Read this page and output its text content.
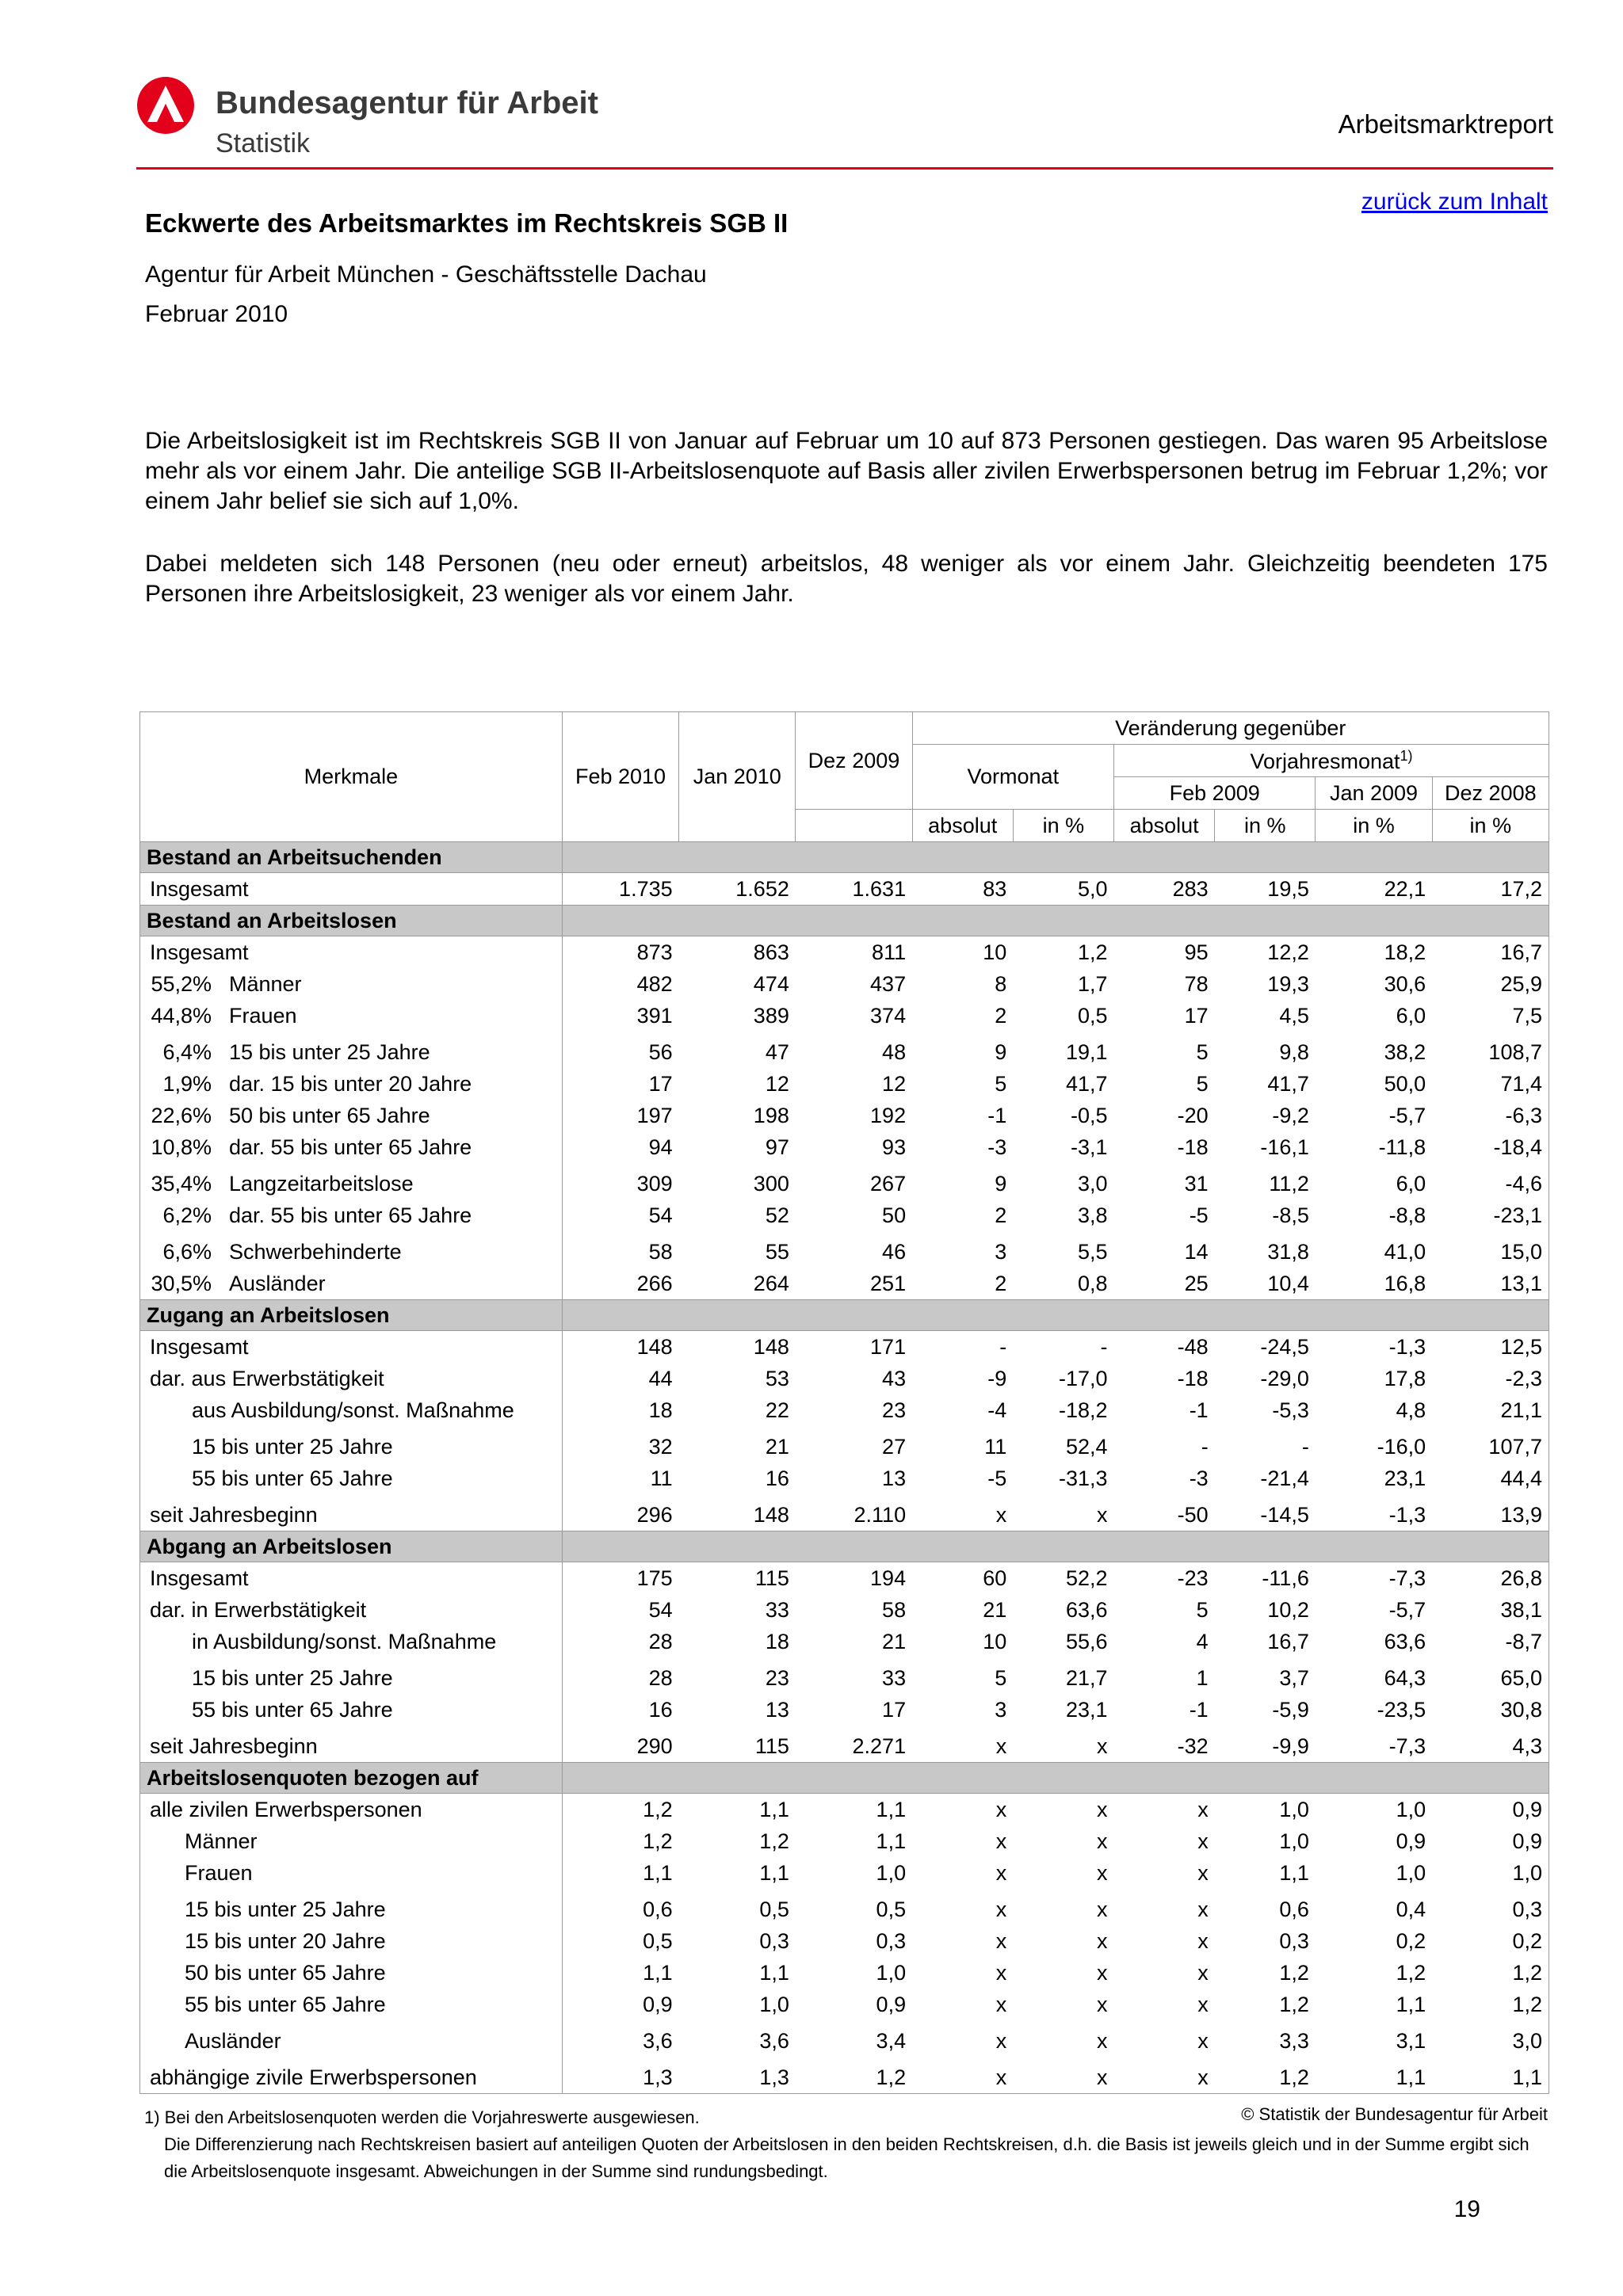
Bundesagentur für Arbeit
Statistik
Arbeitsmarktreport
zurück zum Inhalt
Eckwerte des Arbeitsmarktes im Rechtskreis SGB II
Agentur für Arbeit München - Geschäftsstelle Dachau
Februar 2010
Die Arbeitslosigkeit ist im Rechtskreis SGB II von Januar auf Februar um 10 auf 873 Personen gestiegen. Das waren 95 Arbeitslose mehr als vor einem Jahr. Die anteilige SGB II-Arbeitslosenquote auf Basis aller zivilen Erwerbspersonen betrug im Februar 1,2%; vor einem Jahr belief sie sich auf 1,0%.
Dabei meldeten sich 148 Personen (neu oder erneut) arbeitslos, 48 weniger als vor einem Jahr. Gleichzeitig beendeten 175 Personen ihre Arbeitslosigkeit, 23 weniger als vor einem Jahr.
Merkmale	Feb 2010	Jan 2010	Dez 2009	Veränderung gegenüber					
				Vormonat		Vorjahresmonat$^{1)}$
						Feb 2009		Jan 2009	Dez 2008
				absolut	in %	absolut	in %	in %	in %
Bestand an Arbeitsuchenden									
Insgesamt	1.735	1.652	1.631	83	5,0	283	19,5	22,1	17,2
Bestand an Arbeitslosen									
Insgesamt	873	863	811	10	1,2	95	12,2	18,2	16,7
55,2% Männer	482	474	437	8	1,7	78	19,3	30,6	25,9
44,8% Frauen	391	389	374	2	0,5	17	4,5	6,0	7,5
6,4% 15 bis unter 25 Jahre	56	47	48	9	19,1	5	9,8	38,2	108,7
1,9% dar. 15 bis unter 20 Jahre	17	12	12	5	41,7	5	41,7	50,0	71,4
22,6% 50 bis unter 65 Jahre	197	198	192	-1	-0,5	-20	-9,2	-5,7	-6,3
10,8% dar. 55 bis unter 65 Jahre	94	97	93	-3	-3,1	-18	-16,1	-11,8	-18,4
35,4% Langzeitarbeitslose	309	300	267	9	3,0	31	11,2	6,0	-4,6
6,2% dar. 55 bis unter 65 Jahre	54	52	50	2	3,8	-5	-8,5	-8,8	-23,1
6,6% Schwerbehinderte	58	55	46	3	5,5	14	31,8	41,0	15,0
30,5% Ausländer	266	264	251	2	0,8	25	10,4	16,8	13,1
Zugang an Arbeitslosen									
Insgesamt	148	148	171	-	-	-48	-24,5	-1,3	12,5
dar. aus Erwerbstätigkeit	44	53	43	-9	-17,0	-18	-29,0	17,8	-2,3
aus Ausbildung/sonst. Maßnahme	18	22	23	-4	-18,2	-1	-5,3	4,8	21,1
15 bis unter 25 Jahre	32	21	27	11	52,4	-	-	-16,0	107,7
55 bis unter 65 Jahre	11	16	13	-5	-31,3	-3	-21,4	23,1	44,4
seit Jahresbeginn	296	148	2.110	x	x	-50	-14,5	-1,3	13,9
Abgang an Arbeitslosen									
Insgesamt	175	115	194	60	52,2	-23	-11,6	-7,3	26,8
dar. in Erwerbstätigkeit	54	33	58	21	63,6	5	10,2	-5,7	38,1
in Ausbildung/sonst. Maßnahme	28	18	21	10	55,6	4	16,7	63,6	-8,7
15 bis unter 25 Jahre	28	23	33	5	21,7	1	3,7	64,3	65,0
55 bis unter 65 Jahre	16	13	17	3	23,1	-1	-5,9	-23,5	30,8
seit Jahresbeginn	290	115	2.271	x	x	-32	-9,9	-7,3	4,3
Arbeitslosenquoten bezogen auf									
alle zivilen Erwerbspersonen	1,2	1,1	1,1	x	x	x	1,0	1,0	0,9
Männer	1,2	1,2	1,1	x	x	x	1,0	0,9	0,9
Frauen	1,1	1,1	1,0	x	x	x	1,1	1,0	1,0
15 bis unter 25 Jahre	0,6	0,5	0,5	x	x	x	0,6	0,4	0,3
15 bis unter 20 Jahre	0,5	0,3	0,3	x	x	x	0,3	0,2	0,2
50 bis unter 65 Jahre	1,1	1,1	1,0	x	x	x	1,2	1,2	1,2
55 bis unter 65 Jahre	0,9	1,0	0,9	x	x	x	1,2	1,1	1,2
Ausländer	3,6	3,6	3,4	x	x	x	3,3	3,1	3,0
abhängige zivile Erwerbspersonen	1,3	1,3	1,2	x	x	x	1,2	1,1	1,1
1) Bei den Arbeitslosenquoten werden die Vorjahreswerte ausgewiesen.	© Statistik der Bundesagentur für Arbeit
Die Differenzierung nach Rechtskreisen basiert auf anteiligen Quoten der Arbeitslosen in den beiden Rechtskreisen, d.h. die Basis ist jeweils gleich und in der Summe ergibt sich die Arbeitslosenquote insgesamt. Abweichungen in der Summe sind rundungsbedingt.
19
